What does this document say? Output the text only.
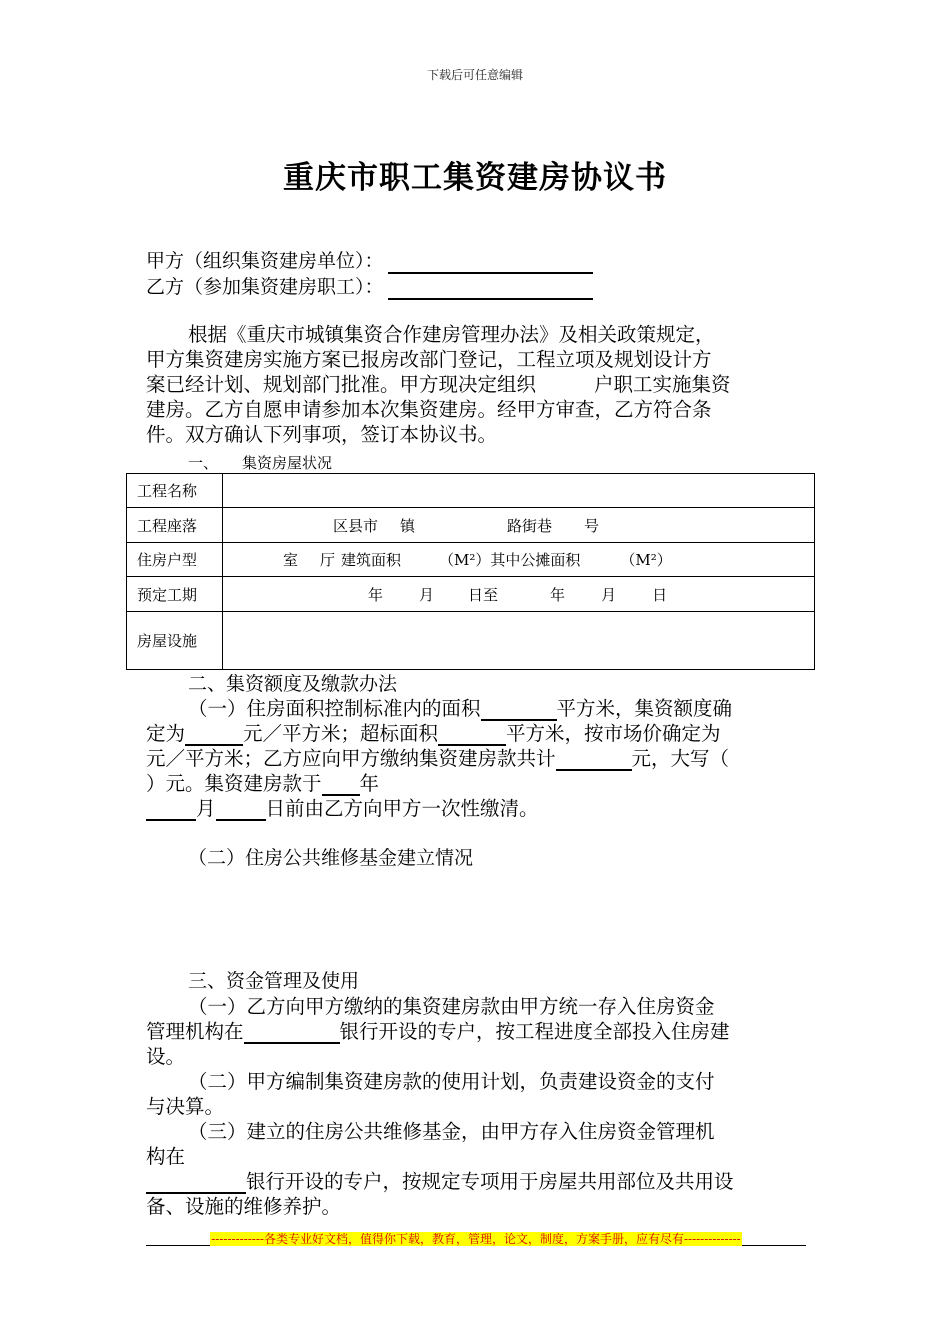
下载后可任意编辑
重庆市职工集资建房协议书
甲方（组织集资建房单位）：
乙方（参加集资建房职工）：
根据《重庆市城镇集资合作建房管理办法》及相关政策规定，
甲方集资建房实施方案已报房改部门登记，工程立项及规划设计方
案已经计划、规划部门批准。甲方现决定组织	户职工实施集资
建房。乙方自愿申请参加本次集资建房。经甲方审查，乙方符合条
件。双方确认下列事项，签订本协议书。
一、 集资房屋状况
工程名称	
工程座落	区县市 镇 路街巷 号
住房户型	室 厅 建筑面积 （M²）其中公摊面积 （M²）
预定工期	年 月 日至 年 月 日
房屋设施	
二、集资额度及缴款办法
（一）住房面积控制标准内的面积	平方米，集资额度确
定为	元／平方米；超标面积	平方米，按市场价确定为
元／平方米；乙方应向甲方缴纳集资建房款共计	元，大写（
）元。集资建房款于 年
月	日前由乙方向甲方一次性缴清。
（二）住房公共维修基金建立情况
三、资金管理及使用
（一）乙方向甲方缴纳的集资建房款由甲方统一存入住房资金
管理机构在	银行开设的专户，按工程进度全部投入住房建
设。
（二）甲方编制集资建房款的使用计划，负责建设资金的支付
与决算。
（三）建立的住房公共维修基金，由甲方存入住房资金管理机
构在
银行开设的专户，按规定专项用于房屋共用部位及共用设
备、设施的维修养护。
-------------各类专业好文档，值得你下载，教育，管理，论文，制度，方案手册，应有尽有--------------
